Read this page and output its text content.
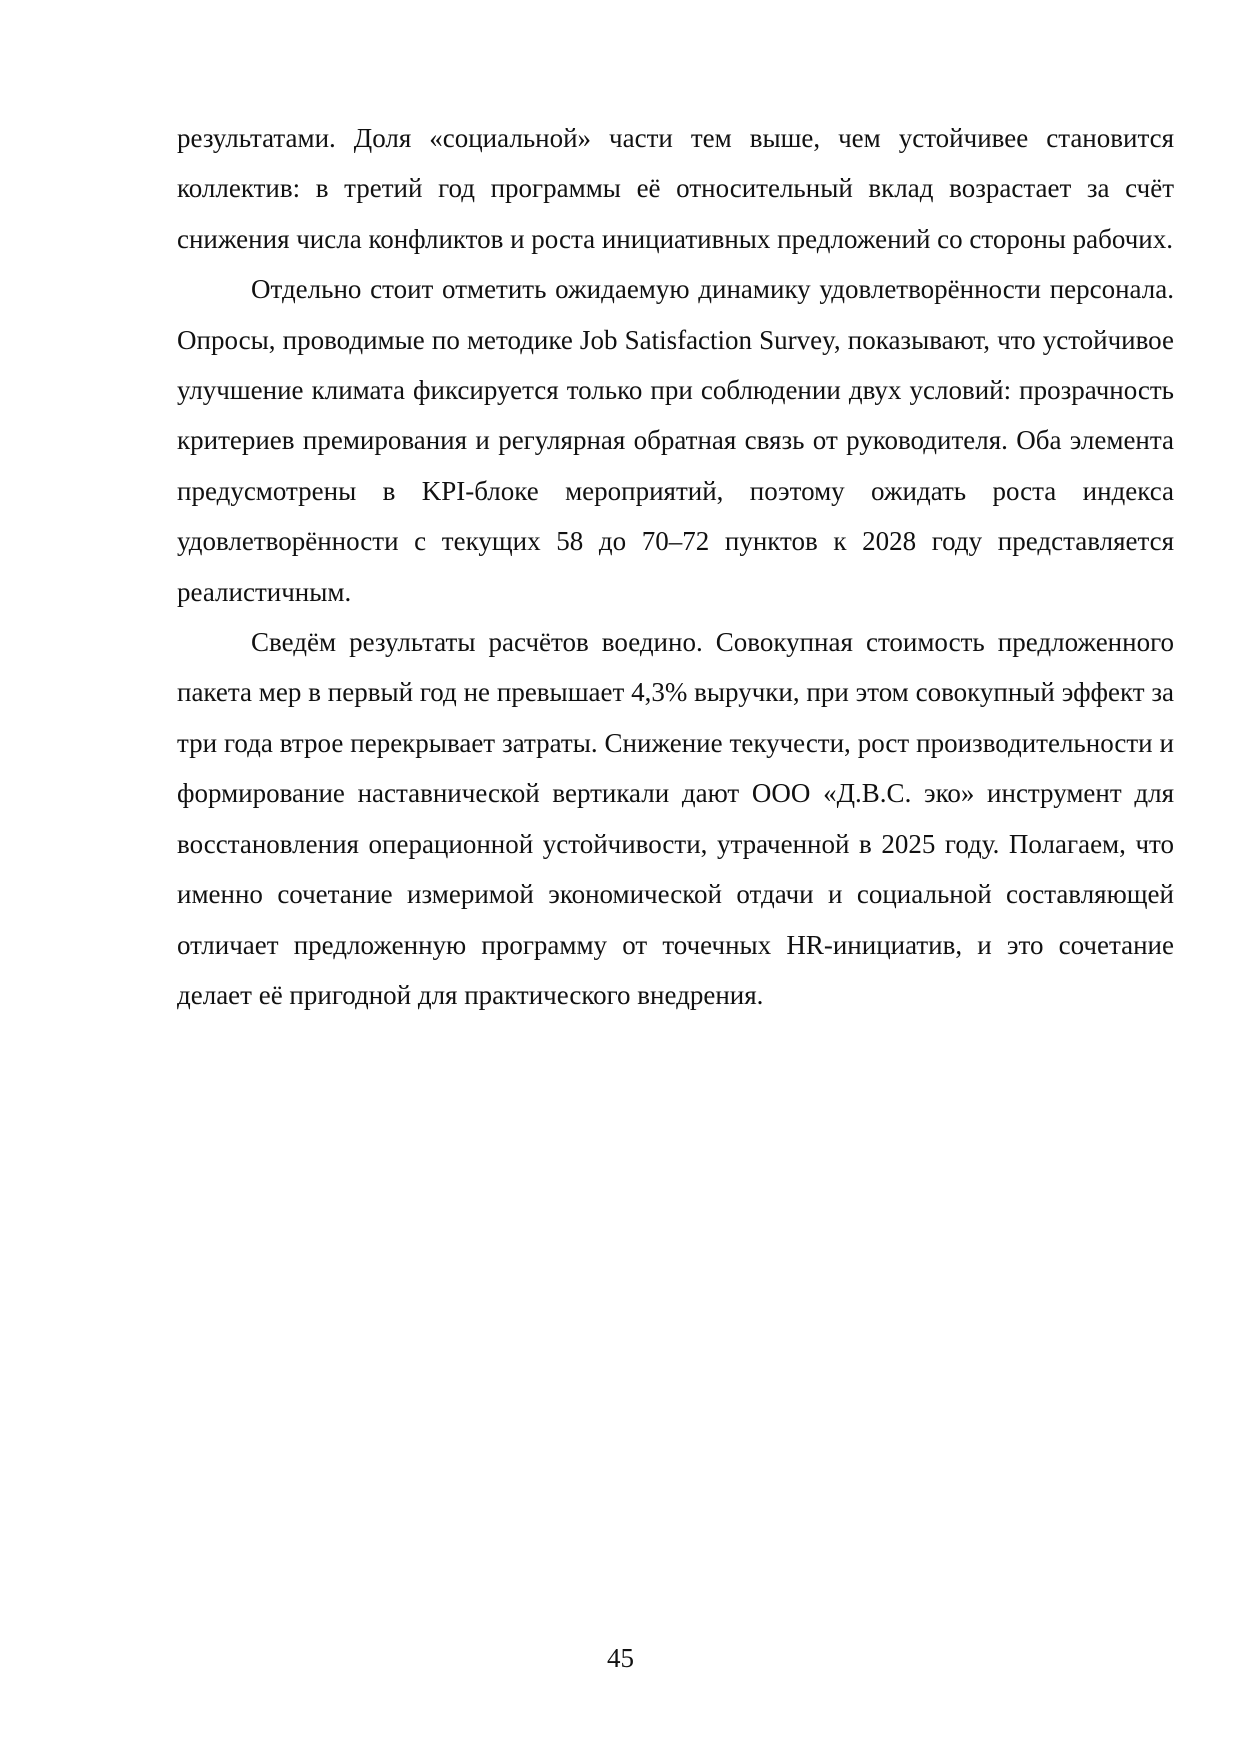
результатами. Доля «социальной» части тем выше, чем устойчивее становится коллектив: в третий год программы её относительный вклад возрастает за счёт снижения числа конфликтов и роста инициативных предложений со стороны рабочих.

Отдельно стоит отметить ожидаемую динамику удовлетворённости персонала. Опросы, проводимые по методике Job Satisfaction Survey, показывают, что устойчивое улучшение климата фиксируется только при соблюдении двух условий: прозрачность критериев премирования и регулярная обратная связь от руководителя. Оба элемента предусмотрены в KPI-блоке мероприятий, поэтому ожидать роста индекса удовлетворённости с текущих 58 до 70–72 пунктов к 2028 году представляется реалистичным.

Сведём результаты расчётов воедино. Совокупная стоимость предложенного пакета мер в первый год не превышает 4,3% выручки, при этом совокупный эффект за три года втрое перекрывает затраты. Снижение текучести, рост производительности и формирование наставнической вертикали дают ООО «Д.В.С. эко» инструмент для восстановления операционной устойчивости, утраченной в 2025 году. Полагаем, что именно сочетание измеримой экономической отдачи и социальной составляющей отличает предложенную программу от точечных HR-инициатив, и это сочетание делает её пригодной для практического внедрения.

45
